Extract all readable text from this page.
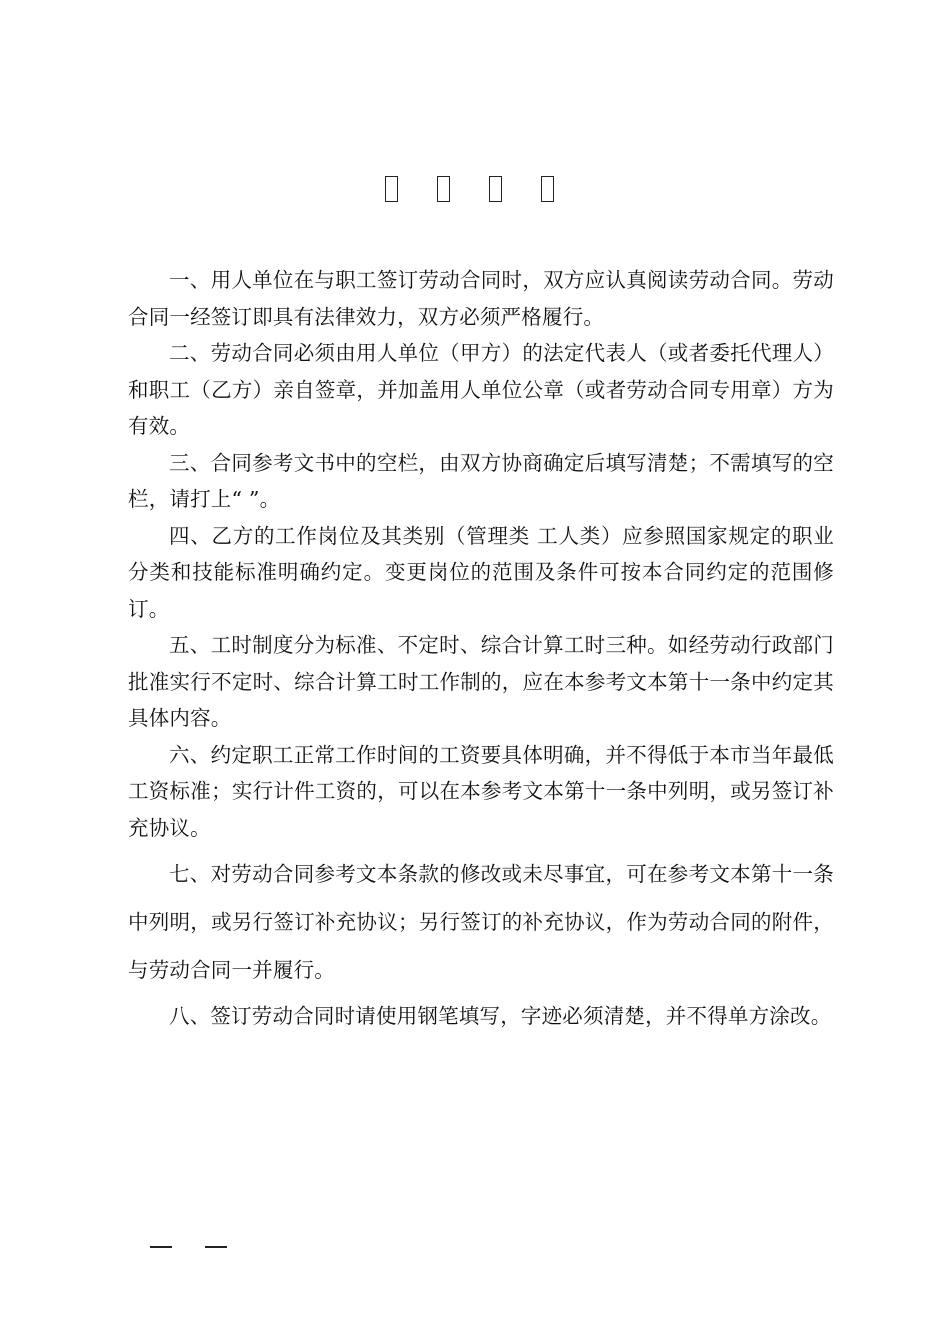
一、用人单位在与职工签订劳动合同时，双方应认真阅读劳动合同。劳动合同一经签订即具有法律效力，双方必须严格履行。

二、劳动合同必须由用人单位（甲方）的法定代表人（或者委托代理人）和职工（乙方）亲自签章，并加盖用人单位公章（或者劳动合同专用章）方为有效。

三、合同参考文书中的空栏，由双方协商确定后填写清楚；不需填写的空栏，请打上“ ”。

四、乙方的工作岗位及其类别（管理类 工人类）应参照国家规定的职业分类和技能标准明确约定。变更岗位的范围及条件可按本合同约定的范围修订。

五、工时制度分为标准、不定时、综合计算工时三种。如经劳动行政部门批准实行不定时、综合计算工时工作制的，应在本参考文本第十一条中约定其具体内容。

六、约定职工正常工作时间的工资要具体明确，并不得低于本市当年最低工资标准；实行计件工资的，可以在本参考文本第十一条中列明，或另签订补充协议。

七、对劳动合同参考文本条款的修改或未尽事宜，可在参考文本第十一条中列明，或另行签订补充协议；另行签订的补充协议，作为劳动合同的附件，与劳动合同一并履行。

八、签订劳动合同时请使用钢笔填写，字迹必须清楚，并不得单方涂改。
